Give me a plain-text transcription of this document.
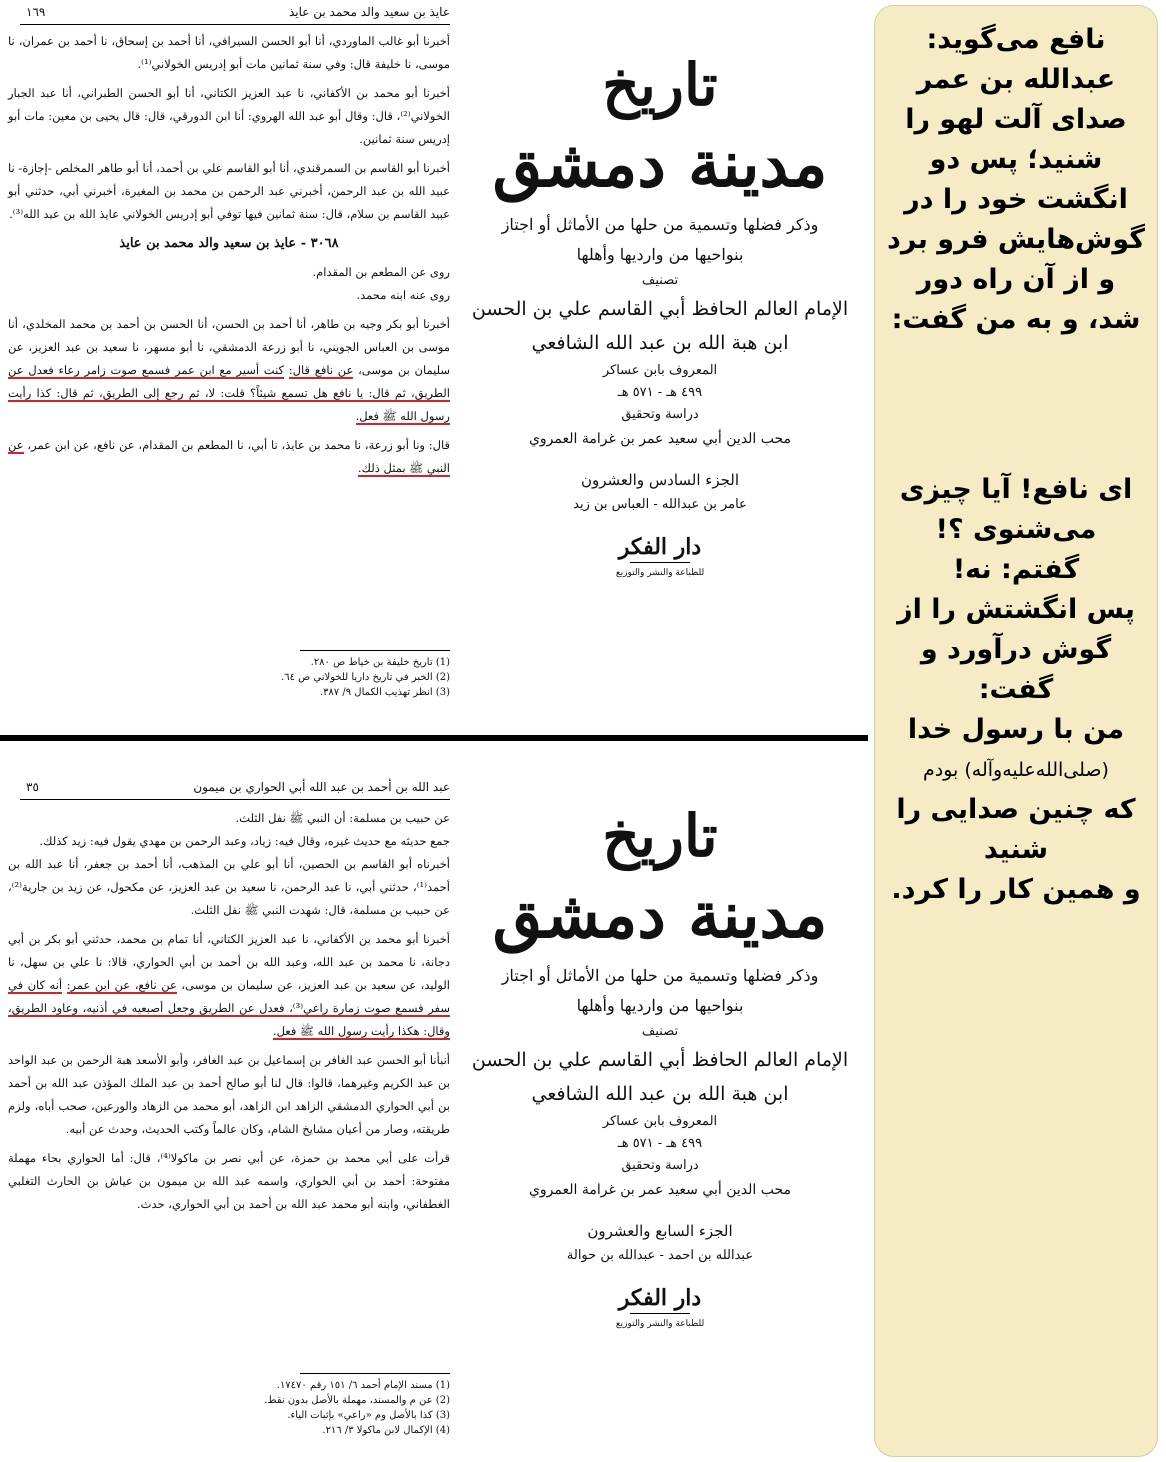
عايذ بن سعيد والد محمد بن عايذ
١٦٩

أخبرنا أبو غالب الماوردي، أنا أبو الحسن السيرافي، أنا أحمد بن إسحاق، نا أحمد بن عمران، نا موسى، نا خليفة قال: وفي سنة ثمانين مات أبو إدريس الخولاني⁽¹⁾.

أخبرنا أبو محمد بن الأكفاني، نا عبد العزيز الكتاني، أنا أبو الحسن الطبراني، أنا عبد الجبار الخولاني⁽²⁾، قال: وقال أبو عبد الله الهروي: أنا ابن الدورقي، قال: قال يحيى بن معين: مات أبو إدريس سنة ثمانين.

أخبرنا أبو القاسم بن السمرقندي، أنا أبو القاسم علي بن أحمد، أنا أبو طاهر المخلص -إجازة- نا عبيد الله بن عبد الرحمن، أخبرني عبد الرحمن بن محمد بن المغيرة، أخبرني أبي، حدثني أبو عبيد القاسم بن سلام، قال: سنة ثمانين فيها توفي أبو إدريس الخولاني عايذ الله بن عبد الله⁽³⁾.

٣٠٦٨ - عايذ بن سعيد والد محمد بن عايذ

روى عن المطعم بن المقدام.

روى عنه ابنه محمد.

أخبرنا أبو بكر وجيه بن طاهر، أنا أحمد بن الحسن، أنا الحسن بن أحمد بن محمد المخلدي، أنا موسى بن العباس الجويني، نا أبو زرعة الدمشقي، نا أبو مسهر، نا سعيد بن عبد العزيز، عن سليمان بن موسى، عن نافع قال: كنت أسير مع ابن عمر فسمع صوت زامر رعاء فعدل عن الطريق، ثم قال: يا نافع هل تسمع شيئاً؟ قلت: لا، ثم رجع إلى الطريق، ثم قال: كذا رأيت رسول الله ﷺ فعل.

قال: ونا أبو زرعة، نا محمد بن عايذ، نا أبي، نا المطعم بن المقدام، عن نافع، عن ابن عمر، عن النبي ﷺ بمثل ذلك.

(1) تاريخ خليفة بن خياط ص ٢٨٠.

(2) الخبر في تاريخ داريا للخولاني ص ٦٤.

(3) انظر تهذيب الكمال ٩/ ٣٨٧.

تاريخ

مدينة دمشق

وذكر فضلها وتسمية من حلها من الأماثل أو اجتاز

بنواحيها من وارديها وأهلها

تصنيف

الإمام العالم الحافظ أبي القاسم علي بن الحسن

ابن هبة الله بن عبد الله الشافعي

المعروف بابن عساكر

٤٩٩ هـ - ٥٧١ هـ

دراسة وتحقيق

محب الدين أبي سعيد عمر بن غرامة العمروي

الجزء السادس والعشرون

عامر بن عبدالله - العباس بن زيد

دار الفكر

للطباعة والنشر والتوزيع

عبد الله بن أحمد بن عبد الله أبي الحواري بن ميمون
٣٥

عن حبيب بن مسلمة: أن النبي ﷺ نفل الثلث.

جمع حديثه مع حديث غيره، وقال فيه: زياد، وعبد الرحمن بن مهدي يقول فيه: زيد كذلك.

أخبرناه أبو القاسم بن الحصين، أنا أبو علي بن المذهب، أنا أحمد بن جعفر، أنا عبد الله بن أحمد⁽¹⁾، حدثني أبي، نا عبد الرحمن، نا سعيد بن عبد العزيز، عن مكحول، عن زيد بن جارية⁽²⁾، عن حبيب بن مسلمة، قال: شهدت النبي ﷺ نفل الثلث.

أخبرنا أبو محمد بن الأكفاني، نا عبد العزيز الكتاني، أنا تمام بن محمد، حدثني أبو بكر بن أبي دجانة، نا محمد بن عبد الله، وعبد الله بن أحمد بن أبي الحواري، قالا: نا علي بن سهل، نا الوليد، عن سعيد بن عبد العزيز، عن سليمان بن موسى، عن نافع، عن ابن عمر: أنه كان في سفر فسمع صوت زمارة راعي⁽³⁾، فعدل عن الطريق وجعل أصبعيه في أذنيه، وعاود الطريق، وقال: هكذا رأيت رسول الله ﷺ فعل.

أنبأنا أبو الحسن عبد الغافر بن إسماعيل بن عبد الغافر، وأبو الأسعد هبة الرحمن بن عبد الواحد بن عبد الكريم وغيرهما، قالوا: قال لنا أبو صالح أحمد بن عبد الملك المؤذن عبد الله بن أحمد بن أبي الحواري الدمشقي الزاهد ابن الزاهد، أبو محمد من الزهاد والورعين، صحب أباه، ولزم طريقته، وصار من أعيان مشايخ الشام، وكان عالماً وكتب الحديث، وحدث عن أبيه.

قرأت على أبي محمد بن حمزة، عن أبي نصر بن ماكولا⁽⁴⁾، قال: أما الحواري بحاء مهملة مفتوحة: أحمد بن أبي الحواري، واسمه عبد الله بن ميمون بن عياش بن الحارث التغلبي الغطفاني، وابنه أبو محمد عبد الله بن أحمد بن أبي الحواري، حدث.

(1) مسند الإمام أحمد ٦/ ١٥١ رقم ١٧٤٧٠.

(2) عن م والمسند، مهملة بالأصل بدون نقط.

(3) كذا بالأصل وم «راعي» بإثبات الياء.

(4) الإكمال لابن ماكولا ٣/ ٢١٦.

تاريخ

مدينة دمشق

وذكر فضلها وتسمية من حلها من الأماثل أو اجتاز

بنواحيها من وارديها وأهلها

تصنيف

الإمام العالم الحافظ أبي القاسم علي بن الحسن

ابن هبة الله بن عبد الله الشافعي

المعروف بابن عساكر

٤٩٩ هـ - ٥٧١ هـ

دراسة وتحقيق

محب الدين أبي سعيد عمر بن غرامة العمروي

الجزء السابع والعشرون

عبدالله بن احمد - عبدالله بن حوالة

دار الفكر

للطباعة والنشر والتوزيع

نافع می‌گوید:

عبدالله بن عمر

صدای آلت لهو را

شنید؛ پس دو

انگشت خود را در

گوش‌هایش فرو برد

و از آن راه دور

شد، و به من گفت:

ای نافع! آیا چیزی

می‌شنوی ؟!

گفتم: نه!

پس انگشتش را از

گوش درآورد و

گفت:

من با رسول خدا

(صلی‌الله‌علیه‌وآله) بودم

که چنین صدایی را

شنید

و همین کار را کرد.
